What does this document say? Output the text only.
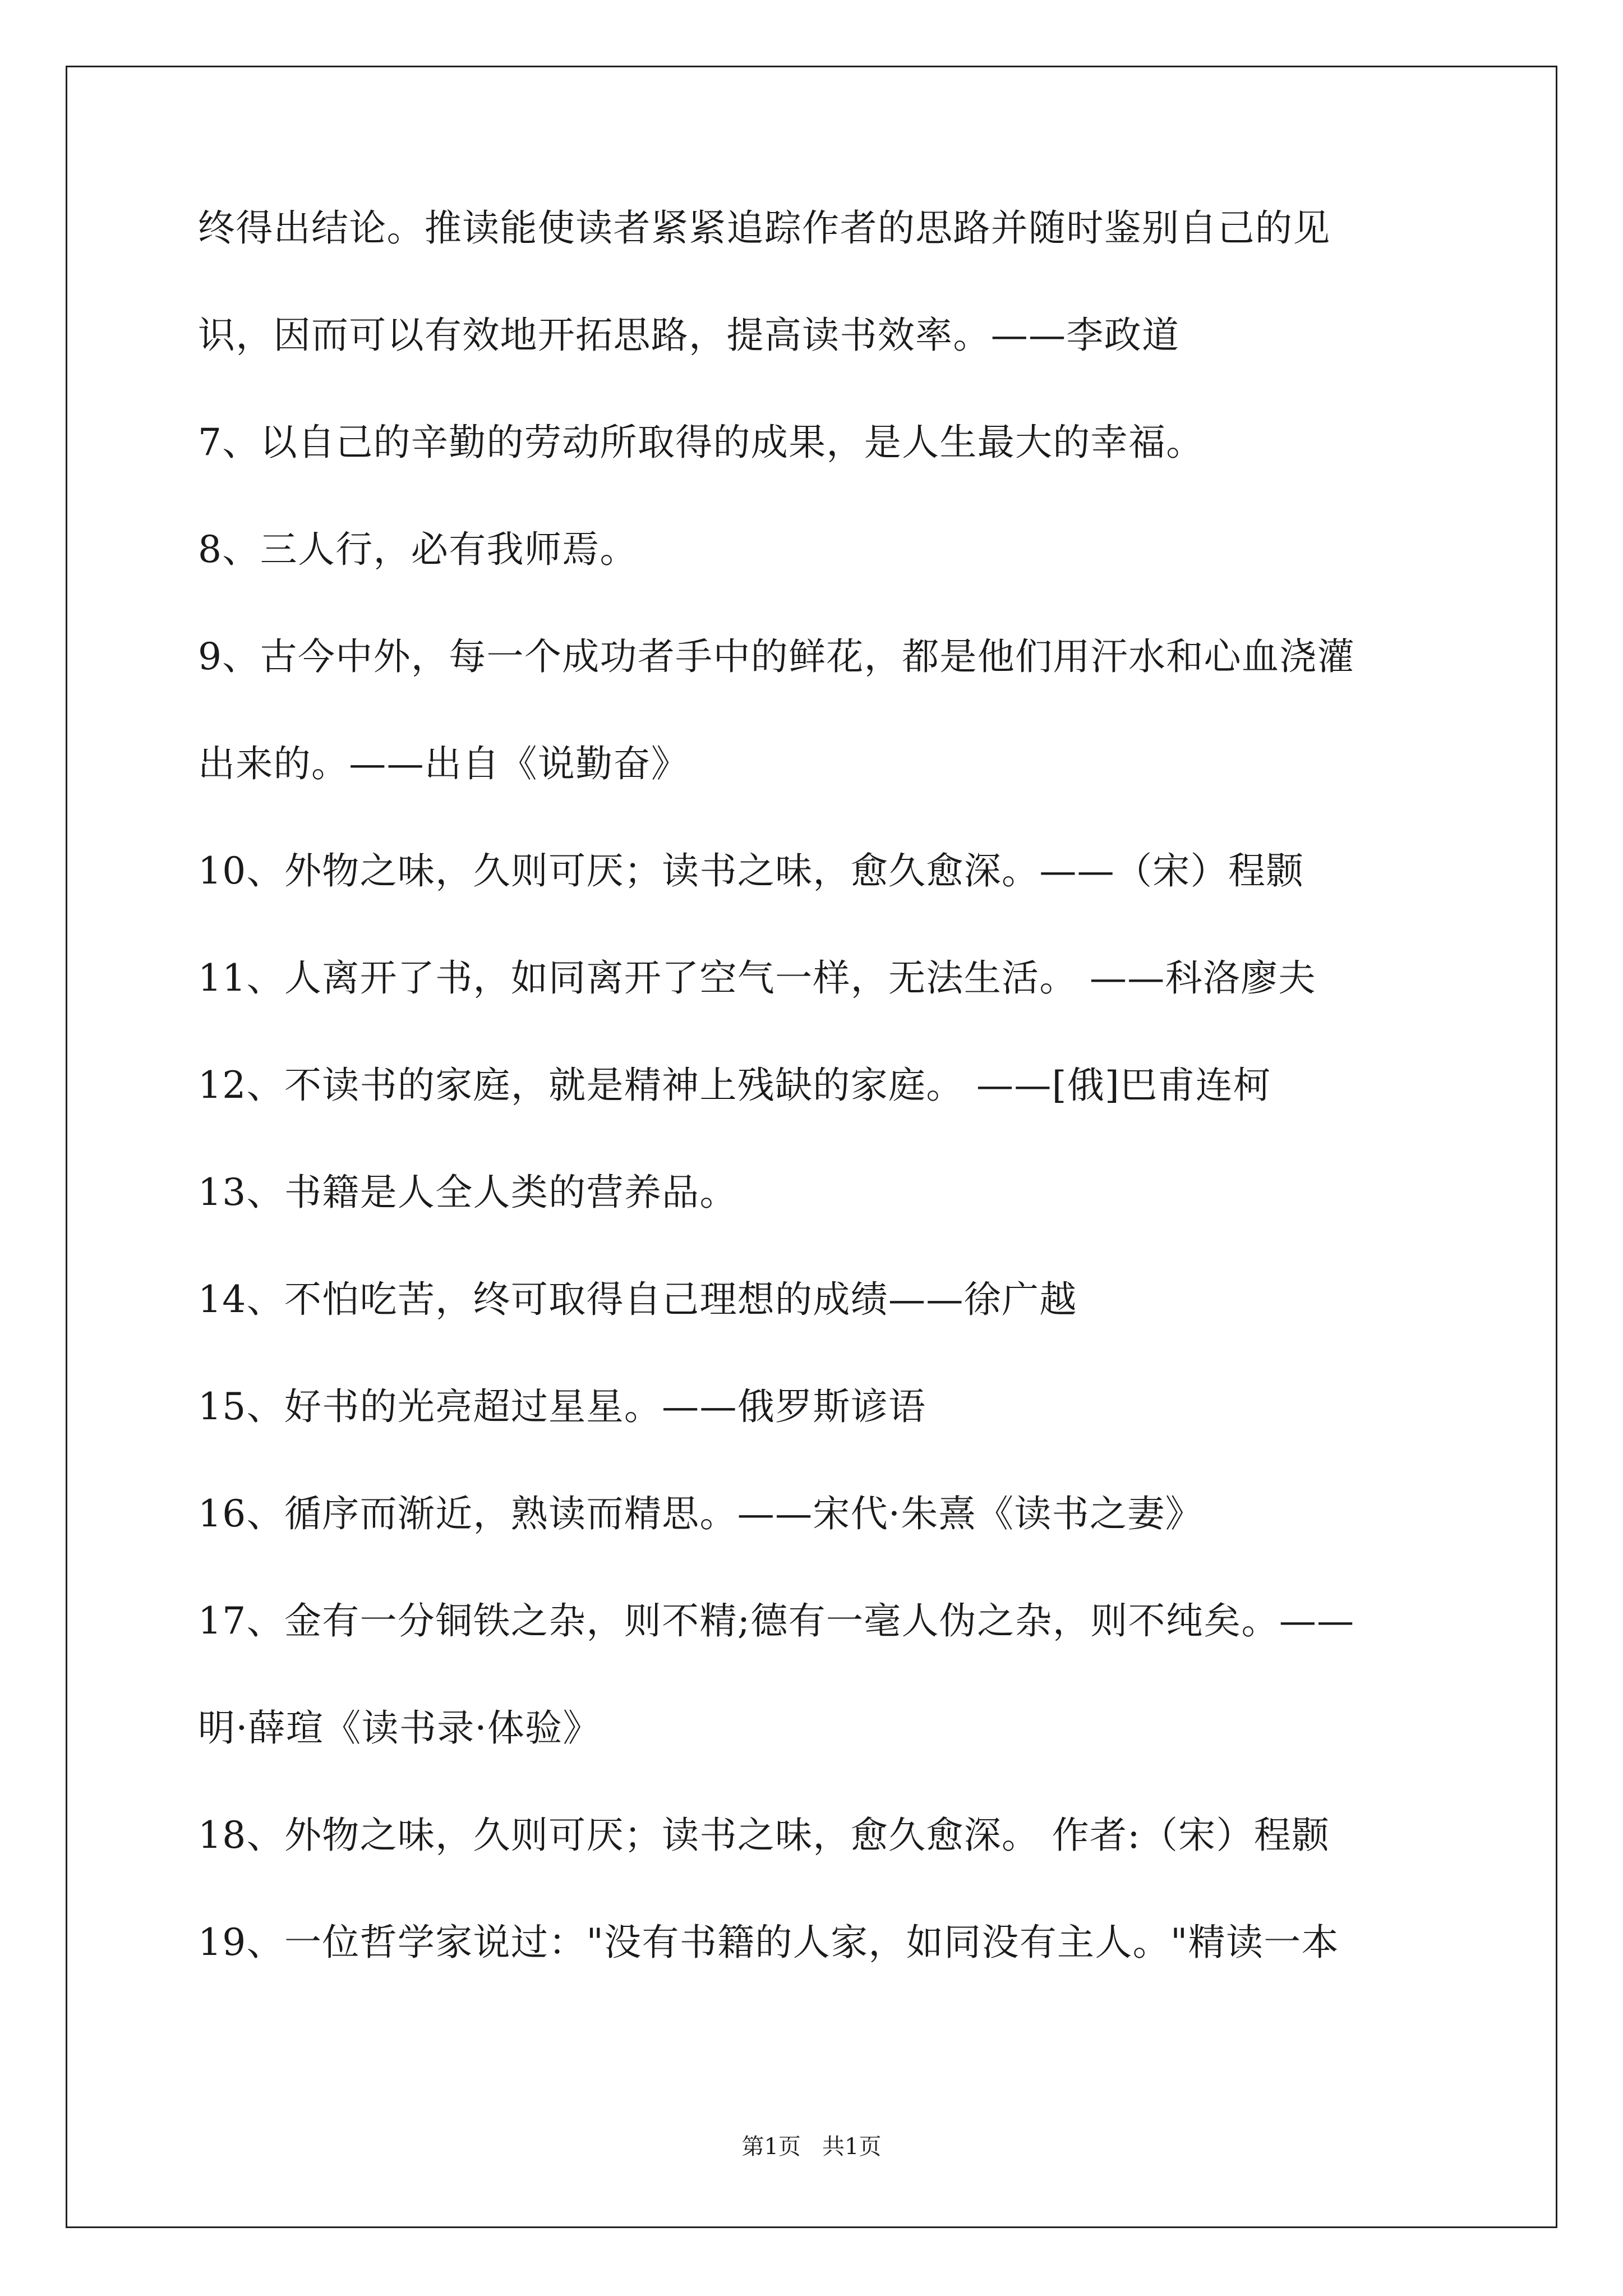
终得出结论。推读能使读者紧紧追踪作者的思路并随时鉴别自己的见
识，因而可以有效地开拓思路，提高读书效率。——李政道
7、以自己的辛勤的劳动所取得的成果，是人生最大的幸福。
8、三人行，必有我师焉。
9、古今中外，每一个成功者手中的鲜花，都是他们用汗水和心血浇灌
出来的。——出自《说勤奋》
10、外物之味，久则可厌；读书之味，愈久愈深。——（宋）程颢
11、人离开了书，如同离开了空气一样，无法生活。 ——科洛廖夫
12、不读书的家庭，就是精神上残缺的家庭。 ——[俄]巴甫连柯
13、书籍是人全人类的营养品。
14、不怕吃苦，终可取得自己理想的成绩——徐广越
15、好书的光亮超过星星。——俄罗斯谚语
16、循序而渐近，熟读而精思。——宋代·朱熹《读书之妻》
17、金有一分铜铁之杂，则不精;德有一毫人伪之杂，则不纯矣。——
明·薛瑄《读书录·体验》
18、外物之味，久则可厌；读书之味，愈久愈深。 作者:（宋）程颢
19、一位哲学家说过："没有书籍的人家，如同没有主人。"精读一本
第1页   共1页
